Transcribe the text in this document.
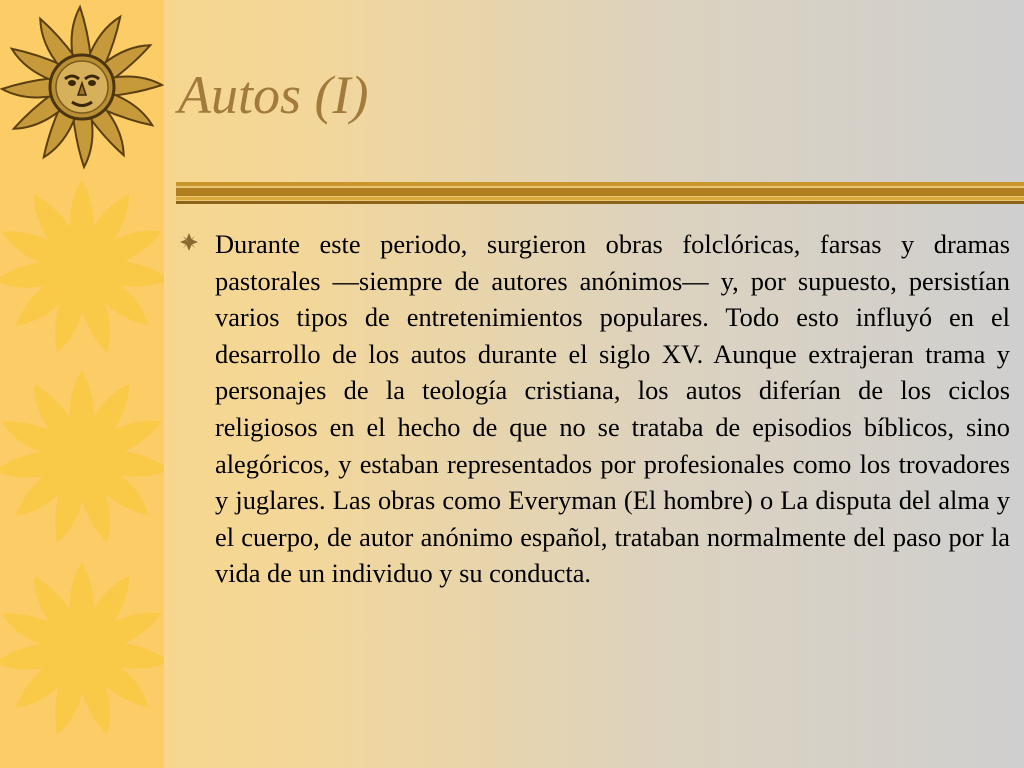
Autos (I)

Durante este periodo, surgieron obras folclóricas, farsas y dramas pastorales —siempre de autores anónimos— y, por supuesto, persistían varios tipos de entretenimientos populares. Todo esto influyó en el desarrollo de los autos durante el siglo XV. Aunque extrajeran trama y personajes de la teología cristiana, los autos diferían de los ciclos religiosos en el hecho de que no se trataba de episodios bíblicos, sino alegóricos, y estaban representados por profesionales como los trovadores y juglares. Las obras como Everyman (El hombre) o La disputa del alma y el cuerpo, de autor anónimo español, trataban normalmente del paso por la vida de un individuo y su conducta.
